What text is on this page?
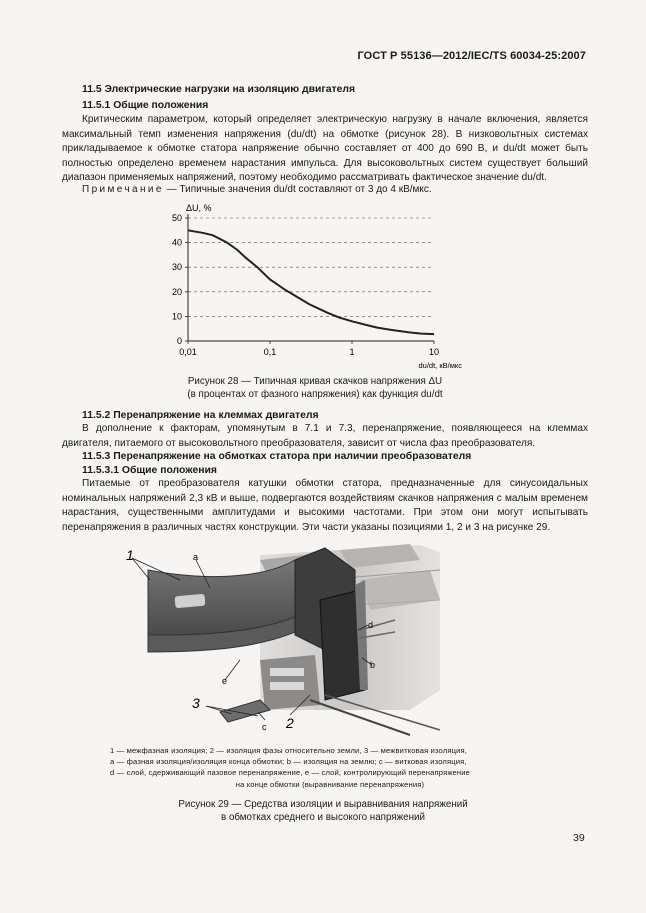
ГОСТ Р 55136—2012/IEC/TS 60034-25:2007
11.5 Электрические нагрузки на изоляцию двигателя
11.5.1 Общие положения

Критическим параметром, который определяет электрическую нагрузку в начале включения, является максимальный темп изменения напряжения (du/dt) на обмотке (рисунок 28). В низковольтных системах прикладываемое к обмотке статора напряжение обычно составляет от 400 до 690 В, и du/dt может быть полностью определено временем нарастания импульса. Для высоковольтных систем существует больший диапазон применяемых напряжений, поэтому необходимо рассматривать фактическое значение du/dt.

Примечание — Типичные значения du/dt составляют от 3 до 4 кВ/мкс.
0
10
20
30
40
50
0,01	0,1	1	10
ΔU, %
du/dt, кВ/мкс
Рисунок 28 — Типичная кривая скачков напряжения ΔU
(в процентах от фазного напряжения) как функция du/dt
11.5.2 Перенапряжение на клеммах двигателя

В дополнение к факторам, упомянутым в 7.1 и 7.3, перенапряжение, появляющееся на клеммах двигателя, питаемого от высоковольтного преобразователя, зависит от числа фаз преобразователя.

11.5.3 Перенапряжение на обмотках статора при наличии преобразователя
11.5.3.1 Общие положения

Питаемые от преобразователя катушки обмотки статора, предназначенные для синусоидальных номинальных напряжений 2,3 кВ и выше, подвергаются воздействиям скачков напряжения с малым временем нарастания, существенными амплитудами и высокими частотами. При этом они могут испытывать перенапряжения в различных частях конструкции. Эти части указаны позициями 1, 2 и 3 на рисунке 29.

1	a
e
3
c 2
d
b

1 — межфазная изоляция; 2 — изоляция фазы относительно земли, 3 — межвитковая изоляция,

a — фазная изоляция/изоляция конца обмотки; b — изоляция на землю; c — витковая изоляция,

d — слой, сдерживающий пазовое перенапряжение, e — слой, контролирующий перенапряжение

на конце обмотки (выравнивание перенапряжения)

Рисунок 29 — Средства изоляции и выравнивания напряжений
в обмотках среднего и высокого напряжений
39
